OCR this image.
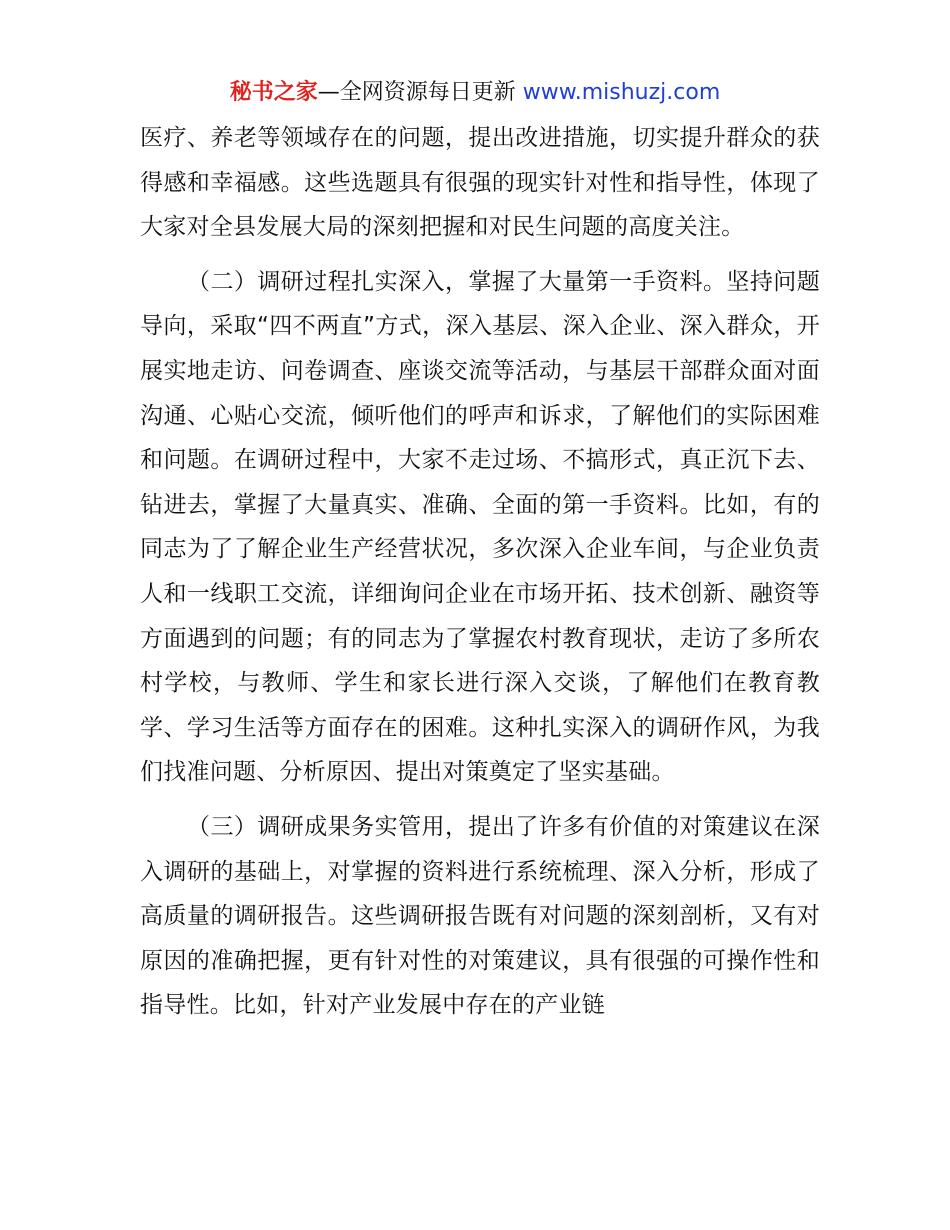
秘书之家—全网资源每日更新 www.mishuzj.com

医疗、养老等领域存在的问题，提出改进措施，切实提升群众的获得感和幸福感。这些选题具有很强的现实针对性和指导性，体现了大家对全县发展大局的深刻把握和对民生问题的高度关注。

（二）调研过程扎实深入，掌握了大量第一手资料。坚持问题导向，采取“四不两直”方式，深入基层、深入企业、深入群众，开展实地走访、问卷调查、座谈交流等活动，与基层干部群众面对面沟通、心贴心交流，倾听他们的呼声和诉求，了解他们的实际困难和问题。在调研过程中，大家不走过场、不搞形式，真正沉下去、钻进去，掌握了大量真实、准确、全面的第一手资料。比如，有的同志为了了解企业生产经营状况，多次深入企业车间，与企业负责人和一线职工交流，详细询问企业在市场开拓、技术创新、融资等方面遇到的问题；有的同志为了掌握农村教育现状，走访了多所农村学校，与教师、学生和家长进行深入交谈，了解他们在教育教学、学习生活等方面存在的困难。这种扎实深入的调研作风，为我们找准问题、分析原因、提出对策奠定了坚实基础。

（三）调研成果务实管用，提出了许多有价值的对策建议在深入调研的基础上，对掌握的资料进行系统梳理、深入分析，形成了高质量的调研报告。这些调研报告既有对问题的深刻剖析，又有对原因的准确把握，更有针对性的对策建议，具有很强的可操作性和指导性。比如，针对产业发展中存在的产业链
